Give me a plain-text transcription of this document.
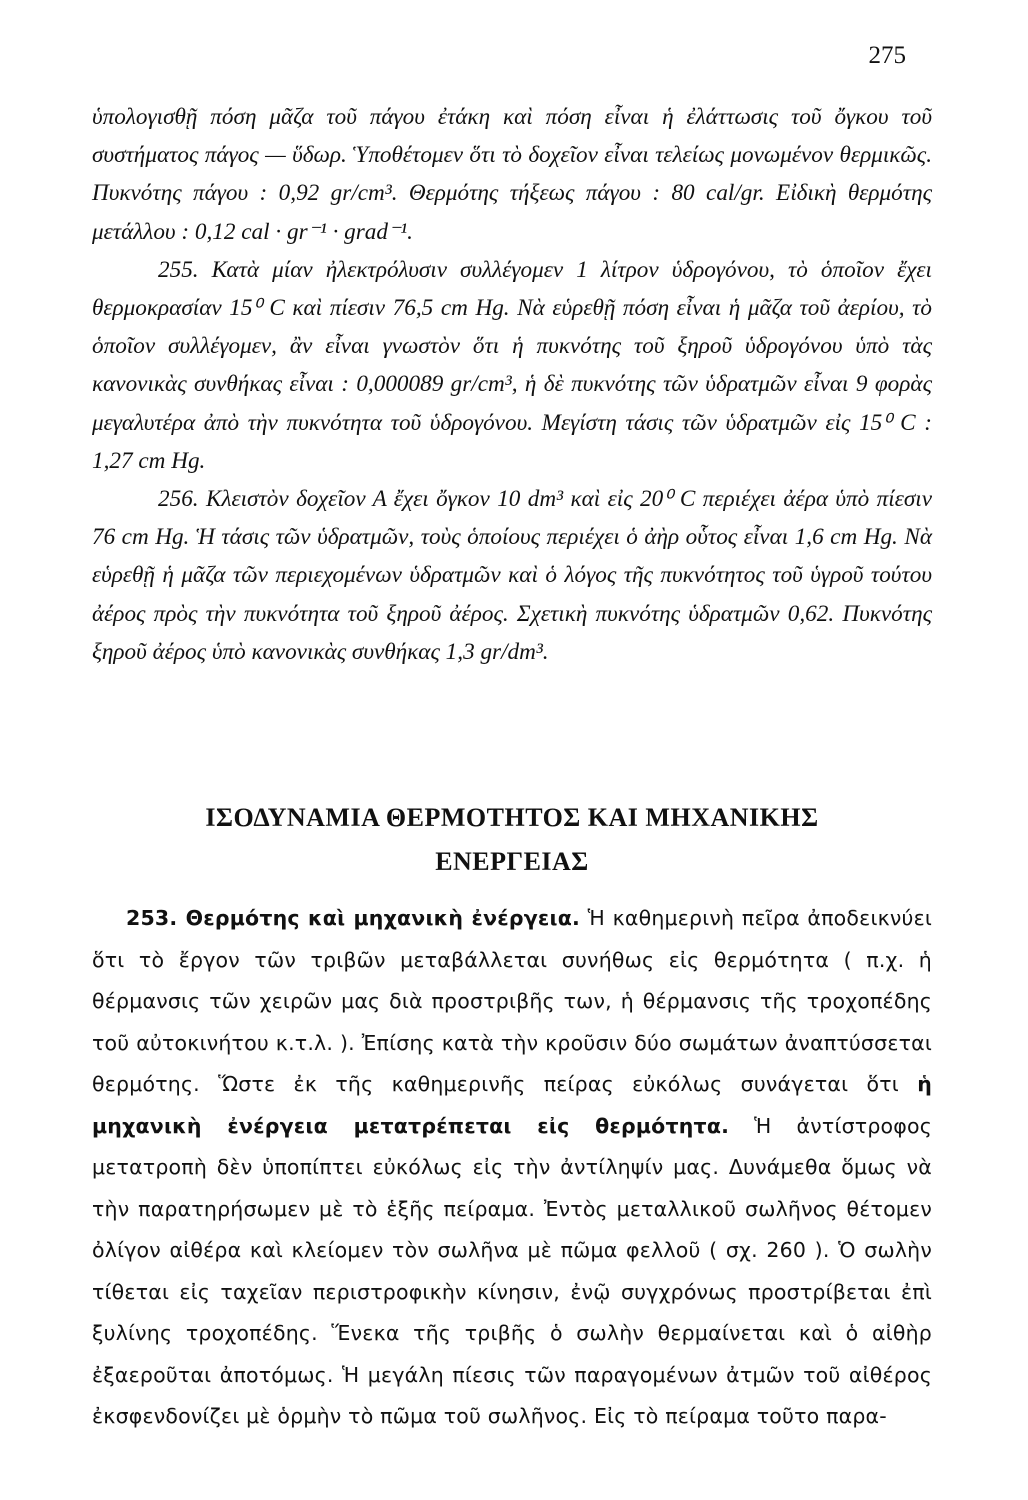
275

ὑπολογισθῇ πόση μᾶζα τοῦ πάγου ἐτάκη καὶ πόση εἶναι ἡ ἐλάττωσις τοῦ ὄγκου τοῦ συστήματος πάγος — ὕδωρ. Ὑποθέτομεν ὅτι τὸ δοχεῖον εἶναι τελείως μονωμένον θερμικῶς. Πυκνότης πάγου : 0,92 gr/cm³. Θερμότης τήξεως πάγου : 80 cal/gr. Εἰδικὴ θερμότης μετάλλου : 0,12 cal · gr⁻¹ · grad⁻¹.

255. Κατὰ μίαν ἠλεκτρόλυσιν συλλέγομεν 1 λίτρον ὑδρογόνου, τὸ ὁποῖον ἔχει θερμοκρασίαν 15⁰ C καὶ πίεσιν 76,5 cm Hg. Νὰ εὑρεθῇ πόση εἶναι ἡ μᾶζα τοῦ ἀερίου, τὸ ὁποῖον συλλέγομεν, ἂν εἶναι γνωστὸν ὅτι ἡ πυκνότης τοῦ ξηροῦ ὑδρογόνου ὑπὸ τὰς κανονικὰς συνθήκας εἶναι : 0,000089 gr/cm³, ἡ δὲ πυκνότης τῶν ὑδρατμῶν εἶναι 9 φορὰς μεγαλυτέρα ἀπὸ τὴν πυκνότητα τοῦ ὑδρογόνου. Μεγίστη τάσις τῶν ὑδρατμῶν εἰς 15⁰ C : 1,27 cm Hg.

256. Κλειστὸν δοχεῖον Α ἔχει ὄγκον 10 dm³ καὶ εἰς 20⁰ C περιέχει ἀέρα ὑπὸ πίεσιν 76 cm Hg. Ἡ τάσις τῶν ὑδρατμῶν, τοὺς ὁποίους περιέχει ὁ ἀὴρ οὗτος εἶναι 1,6 cm Hg. Νὰ εὑρεθῇ ἡ μᾶζα τῶν περιεχομένων ὑδρατμῶν καὶ ὁ λόγος τῆς πυκνότητος τοῦ ὑγροῦ τούτου ἀέρος πρὸς τὴν πυκνότητα τοῦ ξηροῦ ἀέρος. Σχετικὴ πυκνότης ὑδρατμῶν 0,62. Πυκνότης ξηροῦ ἀέρος ὑπὸ κανονικὰς συνθήκας 1,3 gr/dm³.

ΙΣΟΔΥΝΑΜΙΑ ΘΕΡΜΟΤΗΤΟΣ ΚΑΙ ΜΗΧΑΝΙΚΗΣ
ΕΝΕΡΓΕΙΑΣ

253. Θερμότης καὶ μηχανικὴ ἐνέργεια. Ἡ καθημερινὴ πεῖρα ἀποδεικνύει ὅτι τὸ ἔργον τῶν τριβῶν μεταβάλλεται συνήθως εἰς θερμότητα ( π.χ. ἡ θέρμανσις τῶν χειρῶν μας διὰ προστριβῆς των, ἡ θέρμανσις τῆς τροχοπέδης τοῦ αὐτοκινήτου κ.τ.λ. ). Ἐπίσης κατὰ τὴν κροῦσιν δύο σωμάτων ἀναπτύσσεται θερμότης. Ὥστε ἐκ τῆς καθημερινῆς πείρας εὐκόλως συνάγεται ὅτι ἡ μηχανικὴ ἐνέργεια μετατρέπεται εἰς θερμότητα. Ἡ ἀντίστροφος μετατροπὴ δὲν ὑποπίπτει εὐκόλως εἰς τὴν ἀντίληψίν μας. Δυνάμεθα ὅμως νὰ τὴν παρατηρήσωμεν μὲ τὸ ἑξῆς πείραμα. Ἐντὸς μεταλλικοῦ σωλῆνος θέτομεν ὀλίγον αἰθέρα καὶ κλείομεν τὸν σωλῆνα μὲ πῶμα φελλοῦ ( σχ. 260 ). Ὁ σωλὴν τίθεται εἰς ταχεῖαν περιστροφικὴν κίνησιν, ἐνῷ συγχρόνως προστρίβεται ἐπὶ ξυλίνης τροχοπέδης. Ἕνεκα τῆς τριβῆς ὁ σωλὴν θερμαίνεται καὶ ὁ αἰθὴρ ἐξαεροῦται ἀποτόμως. Ἡ μεγάλη πίεσις τῶν παραγομένων ἀτμῶν τοῦ αἰθέρος ἐκσφενδονίζει μὲ ὁρμὴν τὸ πῶμα τοῦ σωλῆνος. Εἰς τὸ πείραμα τοῦτο παρα-
